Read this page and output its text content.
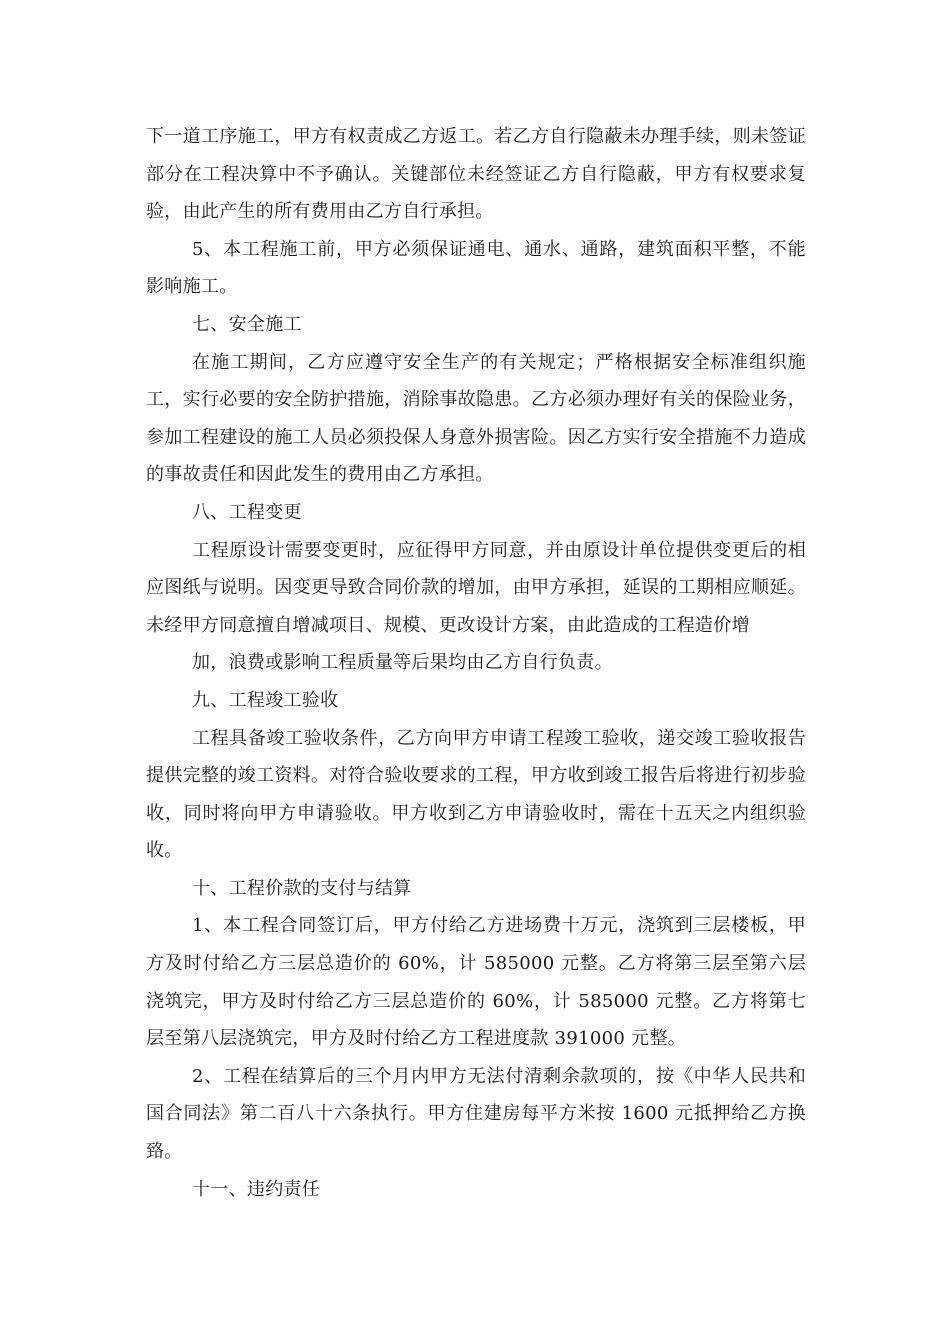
下一道工序施工，甲方有权责成乙方返工。若乙方自行隐蔽未办理手续，则未签证部分在工程决算中不予确认。关键部位未经签证乙方自行隐蔽，甲方有权要求复验，由此产生的所有费用由乙方自行承担。

5、本工程施工前，甲方必须保证通电、通水、通路，建筑面积平整，不能影响施工。

七、安全施工

在施工期间，乙方应遵守安全生产的有关规定；严格根据安全标准组织施工，实行必要的安全防护措施，消除事故隐患。乙方必须办理好有关的保险业务，参加工程建设的施工人员必须投保人身意外损害险。因乙方实行安全措施不力造成的事故责任和因此发生的费用由乙方承担。

八、工程变更

工程原设计需要变更时，应征得甲方同意，并由原设计单位提供变更后的相应图纸与说明。因变更导致合同价款的增加，由甲方承担，延误的工期相应顺延。未经甲方同意擅自增减项目、规模、更改设计方案，由此造成的工程造价增

加，浪费或影响工程质量等后果均由乙方自行负责。

九、工程竣工验收

工程具备竣工验收条件，乙方向甲方申请工程竣工验收，递交竣工验收报告提供完整的竣工资料。对符合验收要求的工程，甲方收到竣工报告后将进行初步验收，同时将向甲方申请验收。甲方收到乙方申请验收时，需在十五天之内组织验收。

十、工程价款的支付与结算

1、本工程合同签订后，甲方付给乙方进场费十万元，浇筑到三层楼板，甲方及时付给乙方三层总造价的 60%，计 585000 元整。乙方将第三层至第六层浇筑完，甲方及时付给乙方三层总造价的 60%，计 585000 元整。乙方将第七层至第八层浇筑完，甲方及时付给乙方工程进度款 391000 元整。

2、工程在结算后的三个月内甲方无法付清剩余款项的，按《中华人民共和国合同法》第二百八十六条执行。甲方住建房每平方米按 1600 元抵押给乙方换臵。

十一、违约责任
